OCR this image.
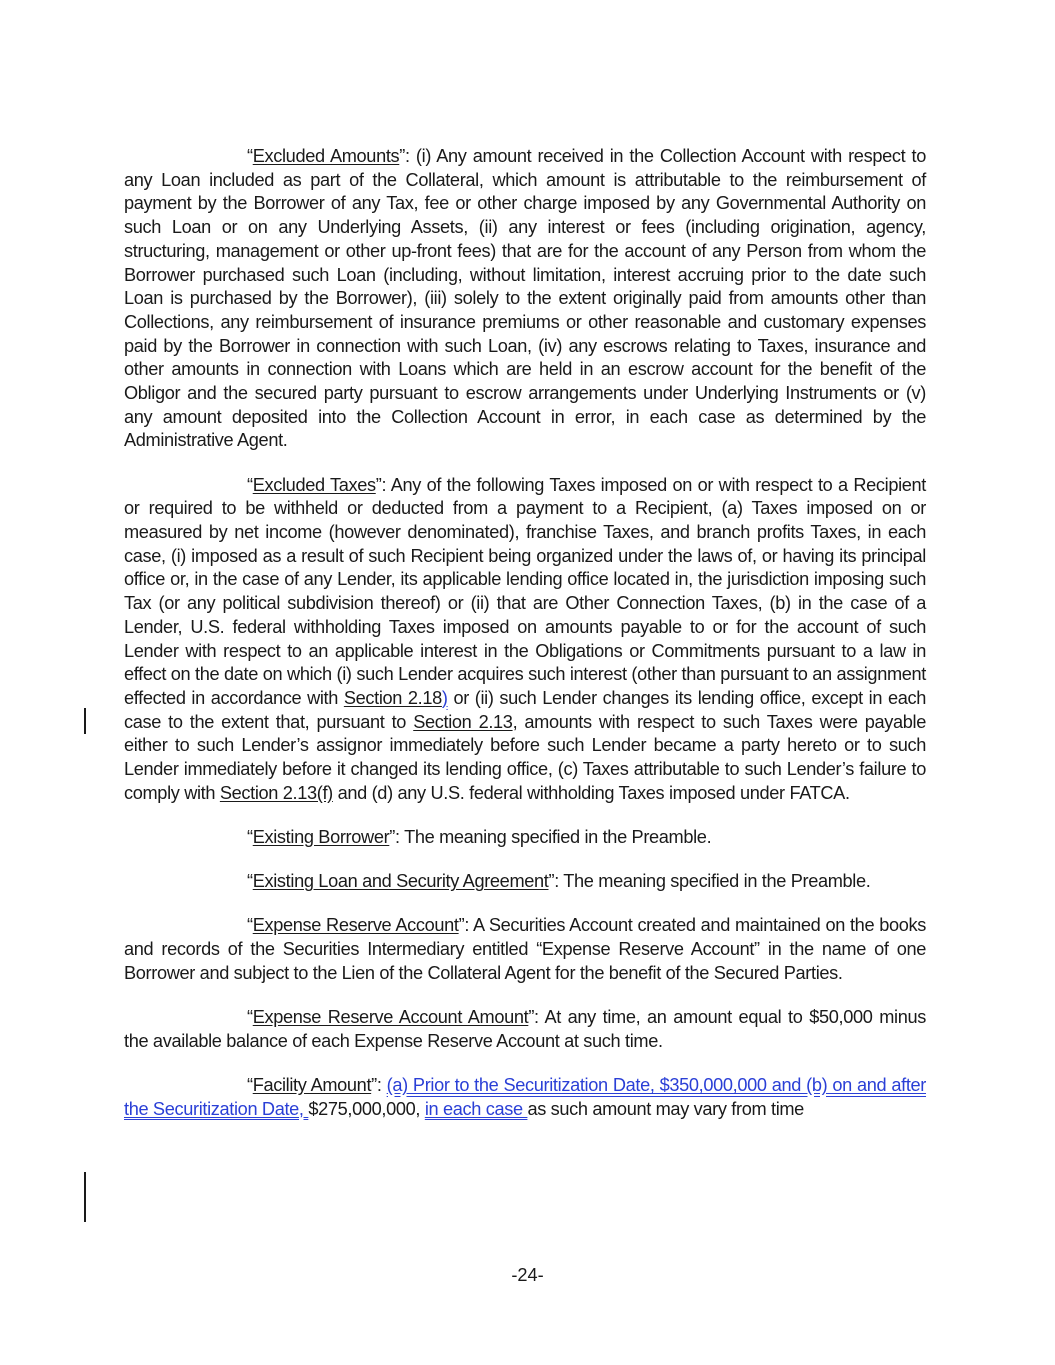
“Excluded Amounts”: (i) Any amount received in the Collection Account with respect to any Loan included as part of the Collateral, which amount is attributable to the reimbursement of payment by the Borrower of any Tax, fee or other charge imposed by any Governmental Authority on such Loan or on any Underlying Assets, (ii) any interest or fees (including origination, agency, structuring, management or other up-front fees) that are for the account of any Person from whom the Borrower purchased such Loan (including, without limitation, interest accruing prior to the date such Loan is purchased by the Borrower), (iii) solely to the extent originally paid from amounts other than Collections, any reimbursement of insurance premiums or other reasonable and customary expenses paid by the Borrower in connection with such Loan, (iv) any escrows relating to Taxes, insurance and other amounts in connection with Loans which are held in an escrow account for the benefit of the Obligor and the secured party pursuant to escrow arrangements under Underlying Instruments or (v) any amount deposited into the Collection Account in error, in each case as determined by the Administrative Agent.

“Excluded Taxes”: Any of the following Taxes imposed on or with respect to a Recipient or required to be withheld or deducted from a payment to a Recipient, (a) Taxes imposed on or measured by net income (however denominated), franchise Taxes, and branch profits Taxes, in each case, (i) imposed as a result of such Recipient being organized under the laws of, or having its principal office or, in the case of any Lender, its applicable lending office located in, the jurisdiction imposing such Tax (or any political subdivision thereof) or (ii) that are Other Connection Taxes, (b) in the case of a Lender, U.S. federal withholding Taxes imposed on amounts payable to or for the account of such Lender with respect to an applicable interest in the Obligations or Commitments pursuant to a law in effect on the date on which (i) such Lender acquires such interest (other than pursuant to an assignment effected in accordance with Section 2.18) or (ii) such Lender changes its lending office, except in each case to the extent that, pursuant to Section 2.13, amounts with respect to such Taxes were payable either to such Lender’s assignor immediately before such Lender became a party hereto or to such Lender immediately before it changed its lending office, (c) Taxes attributable to such Lender’s failure to comply with Section 2.13(f) and (d) any U.S. federal withholding Taxes imposed under FATCA.

“Existing Borrower”: The meaning specified in the Preamble.

“Existing Loan and Security Agreement”: The meaning specified in the Preamble.

“Expense Reserve Account”: A Securities Account created and maintained on the books and records of the Securities Intermediary entitled “Expense Reserve Account” in the name of one Borrower and subject to the Lien of the Collateral Agent for the benefit of the Secured Parties.

“Expense Reserve Account Amount”: At any time, an amount equal to $50,000 minus the available balance of each Expense Reserve Account at such time.

“Facility Amount”: (a) Prior to the Securitization Date, $350,000,000 and (b) on and after the Securitization Date, $275,000,000, in each case as such amount may vary from time

-24-
